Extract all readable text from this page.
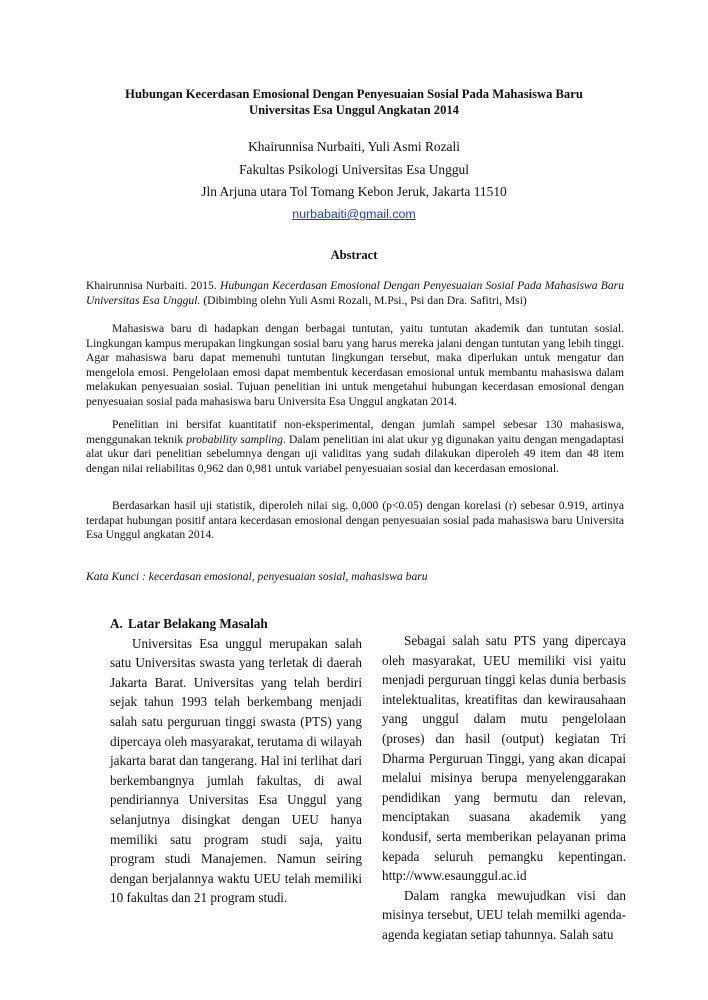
Hubungan Kecerdasan Emosional Dengan Penyesuaian Sosial Pada Mahasiswa Baru
Universitas Esa Unggul Angkatan 2014
Khairunnisa Nurbaiti, Yuli Asmi Rozali
Fakultas Psikologi Universitas Esa Unggul
Jln Arjuna utara Tol Tomang Kebon Jeruk, Jakarta 11510
nurbabaiti@gmail.com
Abstract

Khairunnisa Nurbaiti. 2015. Hubungan Kecerdasan Emosional Dengan Penyesuaian Sosial Pada Mahasiswa Baru Universitas Esa Unggul. (Dibimbing olehn Yuli Asmi Rozali, M.Psi., Psi dan Dra. Safitri, Msi)

Mahasiswa baru di hadapkan dengan berbagai tuntutan, yaitu tuntutan akademik dan tuntutan sosial. Lingkungan kampus merupakan lingkungan sosial baru yang harus mereka jalani dengan tuntutan yang lebih tinggi. Agar mahasiswa baru dapat memenuhi tuntutan lingkungan tersebut, maka diperlukan untuk mengatur dan mengelola emosi. Pengelolaan emosi dapat membentuk kecerdasan emosional untuk membantu mahasiswa dalam melakukan penyesuaian sosial. Tujuan penelitian ini untuk mengetahui hubungan kecerdasan emosional dengan penyesuaian sosial pada mahasiswa baru Universita Esa Unggul angkatan 2014.

Penelitian ini bersifat kuantitatif non-eksperimental, dengan jumlah sampel sebesar 130 mahasiswa, menggunakan teknik probability sampling. Dalam penelitian ini alat ukur yg digunakan yaitu dengan mengadaptasi alat ukur dari penelitian sebelumnya dengan uji validitas yang sudah dilakukan diperoleh 49 item dan 48 item dengan nilai reliabilitas 0,962 dan 0,981 untuk variabel penyesuaian sosial dan kecerdasan emosional.

Berdasarkan hasil uji statistik, diperoleh nilai sig. 0,000 (p<0.05) dengan korelasi (r) sebesar 0.919, artinya terdapat hubungan positif antara kecerdasan emosional dengan penyesuaian sosial pada mahasiswa baru Universita Esa Unggul angkatan 2014.

Kata Kunci : kecerdasan emosional, penyesuaian sosial, mahasiswa baru

A. Latar Belakang Masalah

Universitas Esa unggul merupakan salah satu Universitas swasta yang terletak di daerah Jakarta Barat. Universitas yang telah berdiri sejak tahun 1993 telah berkembang menjadi salah satu perguruan tinggi swasta (PTS) yang dipercaya oleh masyarakat, terutama di wilayah jakarta barat dan tangerang. Hal ini terlihat dari berkembangnya jumlah fakultas, di awal pendiriannya Universitas Esa Unggul yang selanjutnya disingkat dengan UEU hanya memiliki satu program studi saja, yaitu program studi Manajemen. Namun seiring dengan berjalannya waktu UEU telah memiliki 10 fakultas dan 21 program studi.

Sebagai salah satu PTS yang dipercaya oleh masyarakat, UEU memiliki visi yaitu menjadi perguruan tinggi kelas dunia berbasis intelektualitas, kreatifitas dan kewirausahaan yang unggul dalam mutu pengelolaan (proses) dan hasil (output) kegiatan Tri Dharma Perguruan Tinggi, yang akan dicapai melalui misinya berupa menyelenggarakan pendidikan yang bermutu dan relevan, menciptakan suasana akademik yang kondusif, serta memberikan pelayanan prima kepada seluruh pemangku kepentingan. http://www.esaunggul.ac.id

Dalam rangka mewujudkan visi dan misinya tersebut, UEU telah memilki agenda-agenda kegiatan setiap tahunnya. Salah satu
